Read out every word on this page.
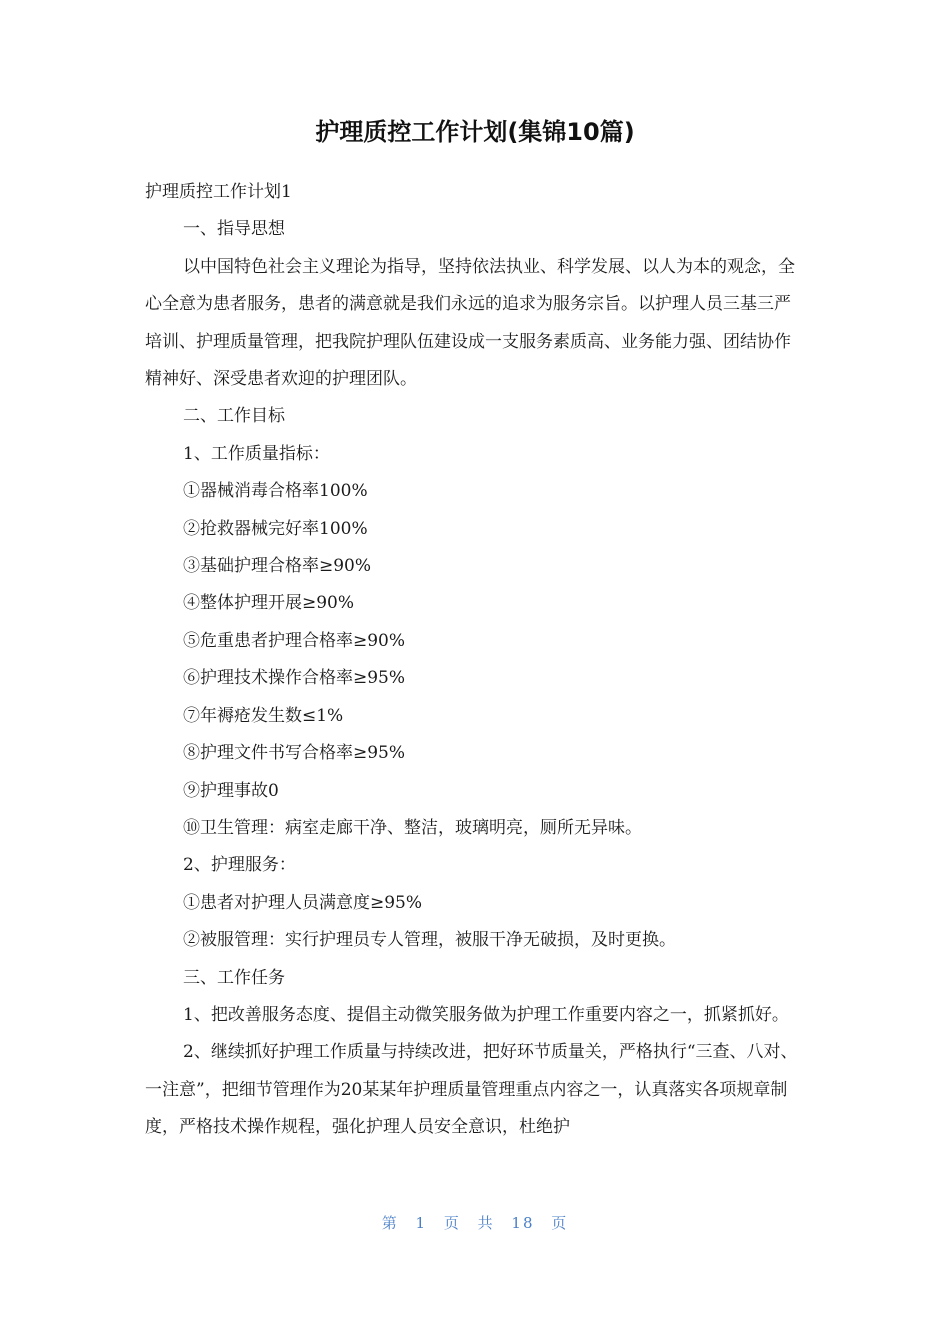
护理质控工作计划(集锦10篇)

护理质控工作计划1

一、指导思想

以中国特色社会主义理论为指导，坚持依法执业、科学发展、以人为本的观念，全心全意为患者服务，患者的满意就是我们永远的追求为服务宗旨。以护理人员三基三严培训、护理质量管理，把我院护理队伍建设成一支服务素质高、业务能力强、团结协作精神好、深受患者欢迎的护理团队。

二、工作目标

1、工作质量指标：

①器械消毒合格率100%

②抢救器械完好率100%

③基础护理合格率≥90%

④整体护理开展≥90%

⑤危重患者护理合格率≥90%

⑥护理技术操作合格率≥95%

⑦年褥疮发生数≤1%

⑧护理文件书写合格率≥95%

⑨护理事故0

⑩卫生管理：病室走廊干净、整洁，玻璃明亮，厕所无异味。

2、护理服务：

①患者对护理人员满意度≥95%

②被服管理：实行护理员专人管理，被服干净无破损，及时更换。

三、工作任务

1、把改善服务态度、提倡主动微笑服务做为护理工作重要内容之一，抓紧抓好。

2、继续抓好护理工作质量与持续改进，把好环节质量关，严格执行“三查、八对、一注意”，把细节管理作为20某某年护理质量管理重点内容之一，认真落实各项规章制度，严格技术操作规程，强化护理人员安全意识，杜绝护

第 1 页 共 18 页
